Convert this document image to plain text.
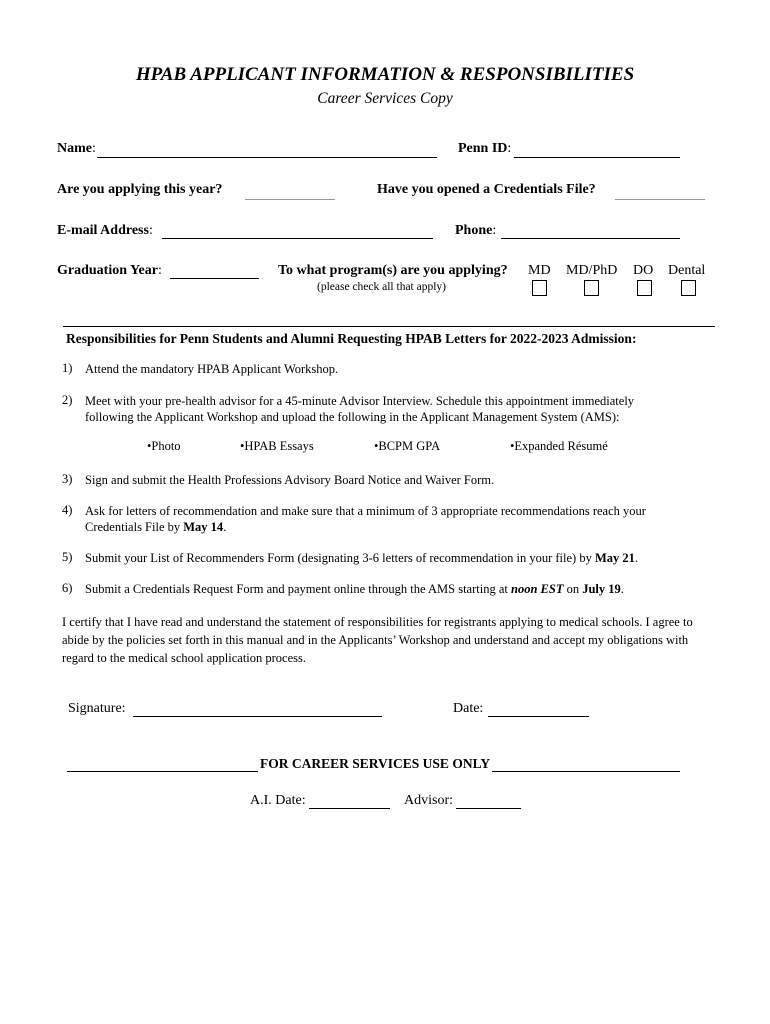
HPAB APPLICANT INFORMATION & RESPONSIBILITIES
Career Services Copy
Name:	Penn ID:
Are you applying this year?	Have you opened a Credentials File?
E-mail Address:	Phone:
Graduation Year:	To what program(s) are you applying?
(please check all that apply)
MD MD/PhD DO Dental
Responsibilities for Penn Students and Alumni Requesting HPAB Letters for 2022-2023 Admission:
1) Attend the mandatory HPAB Applicant Workshop.
2) Meet with your pre-health advisor for a 45-minute Advisor Interview. Schedule this appointment immediately
following the Applicant Workshop and upload the following in the Applicant Management System (AMS):
•Photo	•HPAB Essays	•BCPM GPA	•Expanded Résumé
3) Sign and submit the Health Professions Advisory Board Notice and Waiver Form.
4) Ask for letters of recommendation and make sure that a minimum of 3 appropriate recommendations reach your
Credentials File by May 14.
5) Submit your List of Recommenders Form (designating 3-6 letters of recommendation in your file) by May 21.
6) Submit a Credentials Request Form and payment online through the AMS starting at noon EST on July 19.
I certify that I have read and understand the statement of responsibilities for registrants applying to medical schools. I agree to abide by the policies set forth in this manual and in the Applicants’ Workshop and understand and accept my obligations with regard to the medical school application process.
Signature:	Date:
FOR CAREER SERVICES USE ONLY
A.I. Date:	Advisor:
